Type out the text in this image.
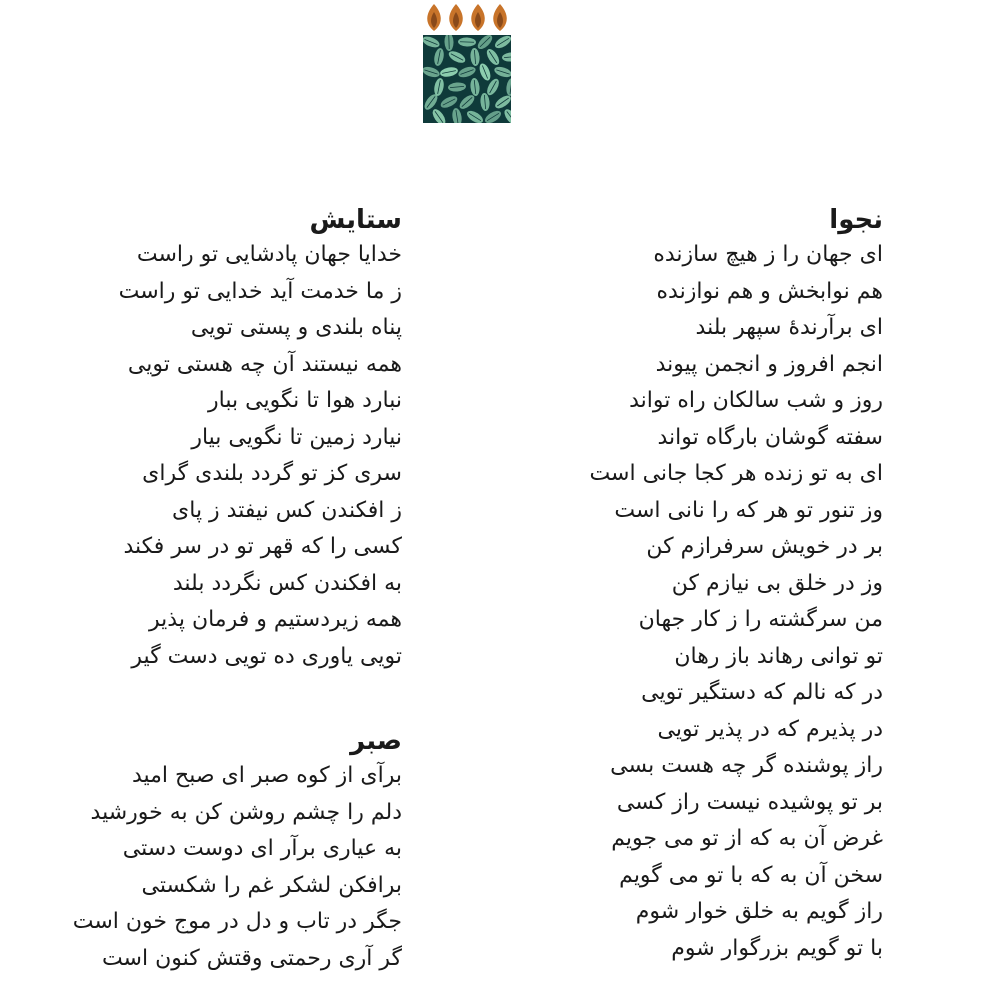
نجوا
ای جهان را ز هیچ سازنده
هم نوابخش و هم نوازنده
ای برآرندۀ سپهر بلند
انجم افروز و انجمن پیوند
روز و شب سالکان راه تواند
سفته گوشان بارگاه تواند
ای به تو زنده هر کجا جانی است
وز تنور تو هر که را نانی است
بر در خویش سرفرازم کن
وز در خلق بی نیازم کن
من سرگشته را ز کار جهان
تو توانی رهاند باز رهان
در که نالم که دستگیر تویی
در پذیرم که در پذیر تویی
راز پوشنده گر چه هست بسی
بر تو پوشیده نیست راز کسی
غرض آن به که از تو می جویم
سخن آن به که با تو می گویم
راز گویم به خلق خوار شوم
با تو گویم بزرگوار شوم
ستایش
خدایا جهان پادشایی تو راست
ز ما خدمت آید خدایی تو راست
پناه بلندی و پستی تویی
همه نیستند آن چه هستی تویی
نبارد هوا تا نگویی ببار
نیارد زمین تا نگویی بیار
سری کز تو گردد بلندی گرای
ز افکندن کس نیفتد ز پای
کسی را که قهر تو در سر فکند
به افکندن کس نگردد بلند
همه زیردستیم و فرمان پذیر
تویی یاوری ده تویی دست گیر
صبر
برآی از کوه صبر ای صبح امید
دلم را چشم روشن کن به خورشید
به عیاری برآر ای دوست دستی
برافکن لشکر غم را شکستی
جگر در تاب و دل در موج خون است
گر آری رحمتی وقتش کنون است
